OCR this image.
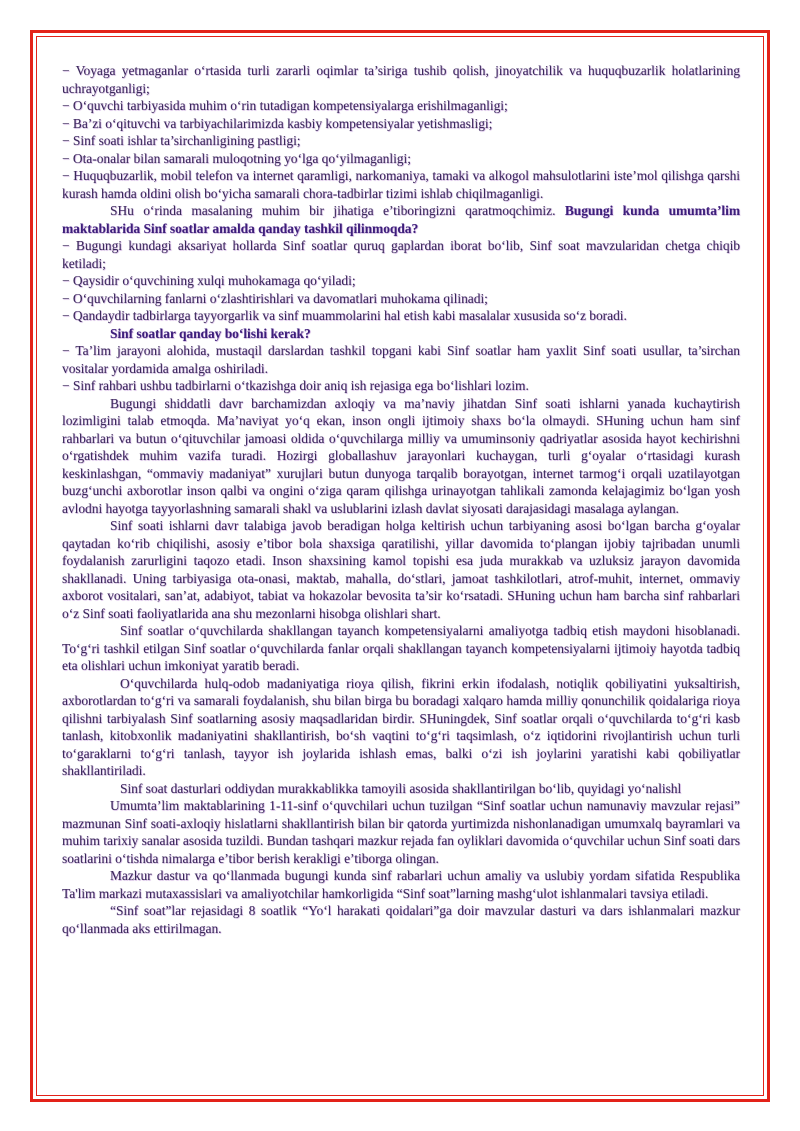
− Voyaga yetmaganlar o‘rtasida turli zararli oqimlar ta’siriga tushib qolish, jinoyatchilik va huquqbuzarlik holatlarining uchrayotganligi;

− O‘quvchi tarbiyasida muhim o‘rin tutadigan kompetensiyalarga erishilmaganligi;

− Ba’zi o‘qituvchi va tarbiyachilarimizda kasbiy kompetensiyalar yetishmasligi;

− Sinf soati ishlar ta’sirchanligining pastligi;

− Ota-onalar bilan samarali muloqotning yo‘lga qo‘yilmaganligi;

− Huquqbuzarlik, mobil telefon va internet qaramligi, narkomaniya, tamaki va alkogol mahsulotlarini iste’mol qilishga qarshi kurash hamda oldini olish bo‘yicha samarali chora-tadbirlar tizimi ishlab chiqilmaganligi.

SHu o‘rinda masalaning muhim bir jihatiga e’tiboringizni qaratmoqchimiz. Bugungi kunda umumta’lim maktablarida Sinf soatlar amalda qanday tashkil qilinmoqda?

− Bugungi kundagi aksariyat hollarda Sinf soatlar quruq gaplardan iborat bo‘lib, Sinf soat mavzularidan chetga chiqib ketiladi;

− Qaysidir o‘quvchining xulqi muhokamaga qo‘yiladi;

− O‘quvchilarning fanlarni o‘zlashtirishlari va davomatlari muhokama qilinadi;

− Qandaydir tadbirlarga tayyorgarlik va sinf muammolarini hal etish kabi masalalar xususida so‘z boradi.

Sinf soatlar qanday bo‘lishi kerak?

− Ta’lim jarayoni alohida, mustaqil darslardan tashkil topgani kabi Sinf soatlar ham yaxlit Sinf soati usullar, ta’sirchan vositalar yordamida amalga oshiriladi.

− Sinf rahbari ushbu tadbirlarni o‘tkazishga doir aniq ish rejasiga ega bo‘lishlari lozim.

Bugungi shiddatli davr barchamizdan axloqiy va ma’naviy jihatdan Sinf soati ishlarni yanada kuchaytirish lozimligini talab etmoqda. Ma’naviyat yo‘q ekan, inson ongli ijtimoiy shaxs bo‘la olmaydi. SHuning uchun ham sinf rahbarlari va butun o‘qituvchilar jamoasi oldida o‘quvchilarga milliy va umuminsoniy qadriyatlar asosida hayot kechirishni o‘rgatishdek muhim vazifa turadi. Hozirgi globallashuv jarayonlari kuchaygan, turli g‘oyalar o‘rtasidagi kurash keskinlashgan, “ommaviy madaniyat” xurujlari butun dunyoga tarqalib borayotgan, internet tarmog‘i orqali uzatilayotgan buzg‘unchi axborotlar inson qalbi va ongini o‘ziga qaram qilishga urinayotgan tahlikali zamonda kelajagimiz bo‘lgan yosh avlodni hayotga tayyorlashning samarali shakl va uslublarini izlash davlat siyosati darajasidagi masalaga aylangan.

Sinf soati ishlarni davr talabiga javob beradigan holga keltirish uchun tarbiyaning asosi bo‘lgan barcha g‘oyalar qaytadan ko‘rib chiqilishi, asosiy e’tibor bola shaxsiga qaratilishi, yillar davomida to‘plangan ijobiy tajribadan unumli foydalanish zarurligini taqozo etadi. Inson shaxsining kamol topishi esa juda murakkab va uzluksiz jarayon davomida shakllanadi. Uning tarbiyasiga ota-onasi, maktab, mahalla, do‘stlari, jamoat tashkilotlari, atrof-muhit, internet, ommaviy axborot vositalari, san’at, adabiyot, tabiat va hokazolar bevosita ta’sir ko‘rsatadi. SHuning uchun ham barcha sinf rahbarlari o‘z Sinf soati faoliyatlarida ana shu mezonlarni hisobga olishlari shart.

Sinf soatlar o‘quvchilarda shakllangan tayanch kompetensiyalarni amaliyotga tadbiq etish maydoni hisoblanadi. To‘g‘ri tashkil etilgan Sinf soatlar o‘quvchilarda fanlar orqali shakllangan tayanch kompetensiyalarni ijtimoiy hayotda tadbiq eta olishlari uchun imkoniyat yaratib beradi.

O‘quvchilarda hulq-odob madaniyatiga rioya qilish, fikrini erkin ifodalash, notiqlik qobiliyatini yuksaltirish, axborotlardan to‘g‘ri va samarali foydalanish, shu bilan birga bu boradagi xalqaro hamda milliy qonunchilik qoidalariga rioya qilishni tarbiyalash Sinf soatlarning asosiy maqsadlaridan birdir. SHuningdek, Sinf soatlar orqali o‘quvchilarda to‘g‘ri kasb tanlash, kitobxonlik madaniyatini shakllantirish, bo‘sh vaqtini to‘g‘ri taqsimlash, o‘z iqtidorini rivojlantirish uchun turli to‘garaklarni to‘g‘ri tanlash, tayyor ish joylarida ishlash emas, balki o‘zi ish joylarini yaratishi kabi qobiliyatlar shakllantiriladi.

Sinf soat dasturlari oddiydan murakkablikka tamoyili asosida shakllantirilgan bo‘lib, quyidagi yo‘nalishl

Umumta’lim maktablarining 1-11-sinf o‘quvchilari uchun tuzilgan “Sinf soatlar uchun namunaviy mavzular rejasi” mazmunan Sinf soati-axloqiy hislatlarni shakllantirish bilan bir qatorda yurtimizda nishonlanadigan umumxalq bayramlari va muhim tarixiy sanalar asosida tuzildi. Bundan tashqari mazkur rejada fan oyliklari davomida o‘quvchilar uchun Sinf soati dars soatlarini o‘tishda nimalarga e’tibor berish kerakligi e’tiborga olingan.

Mazkur dastur va qo‘llanmada bugungi kunda sinf rabarlari uchun amaliy va uslubiy yordam sifatida Respublika Ta'lim markazi mutaxassislari va amaliyotchilar hamkorligida “Sinf soat”larning mashg‘ulot ishlanmalari tavsiya etiladi.

“Sinf soat”lar rejasidagi 8 soatlik “Yo‘l harakati qoidalari”ga doir mavzular dasturi va dars ishlanmalari mazkur qo‘llanmada aks ettirilmagan.
